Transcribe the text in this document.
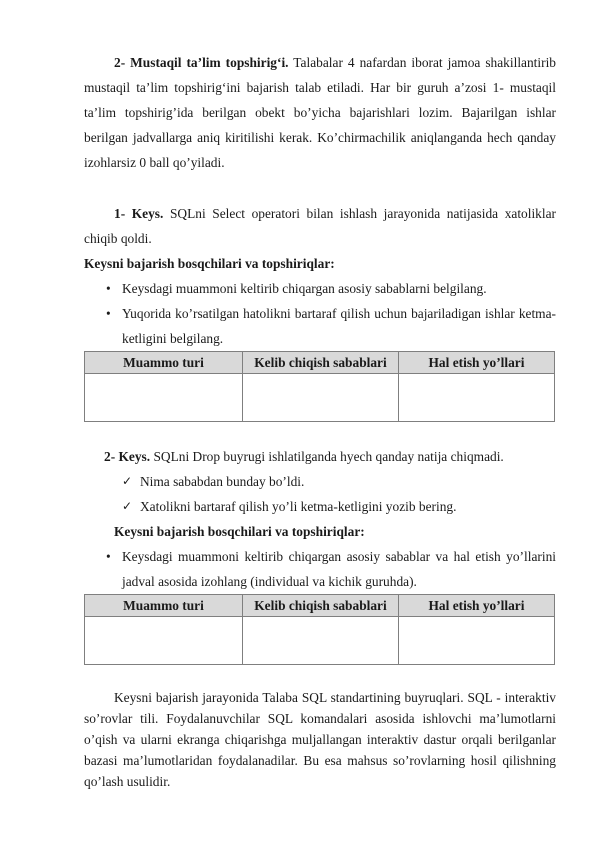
2- Mustaqil ta’lim topshirig‘i. Talabalar 4 nafardan iborat jamoa shakillantirib mustaqil ta’lim topshirig‘ini bajarish talab etiladi. Har bir guruh a’zosi 1- mustaqil ta’lim topshirig’ida berilgan obekt bo’yicha bajarishlari lozim. Bajarilgan ishlar berilgan jadvallarga aniq kiritilishi kerak. Ko’chirmachilik aniqlanganda hech qanday izohlarsiz 0 ball qo’yiladi.

1- Keys. SQLni Select operatori bilan ishlash jarayonida natijasida xatoliklar chiqib qoldi.

Keysni bajarish bosqchilari va topshiriqlar:

• Keysdagi muammoni keltirib chiqargan asosiy sabablarni belgilang.
• Yuqorida ko’rsatilgan hatolikni bartaraf qilish uchun bajariladigan ishlar ketma-ketligini belgilang.
Muammo turi	Kelib chiqish sabablari	Hal etish yo’llari

2- Keys. SQLni Drop buyrugi ishlatilganda hyech qanday natija chiqmadi.

✓ Nima sababdan bunday bo’ldi.
✓ Xatolikni bartaraf qilish yo’li ketma-ketligini yozib bering.

Keysni bajarish bosqchilari va topshiriqlar:

• Keysdagi muammoni keltirib chiqargan asosiy sabablar va hal etish yo’llarini jadval asosida izohlang (individual va kichik guruhda).
Muammo turi	Kelib chiqish sabablari	Hal etish yo’llari

Keysni bajarish jarayonida Talaba SQL standartining buyruqlari. SQL - interaktiv so’rovlar tili. Foydalanuvchilar SQL komandalari asosida ishlovchi ma’lumotlarni o’qish va ularni ekranga chiqarishga muljallangan interaktiv dastur orqali berilganlar bazasi ma’lumotlaridan foydalanadilar. Bu esa mahsus so’rovlarning hosil qilishning qo’lash usulidir.
